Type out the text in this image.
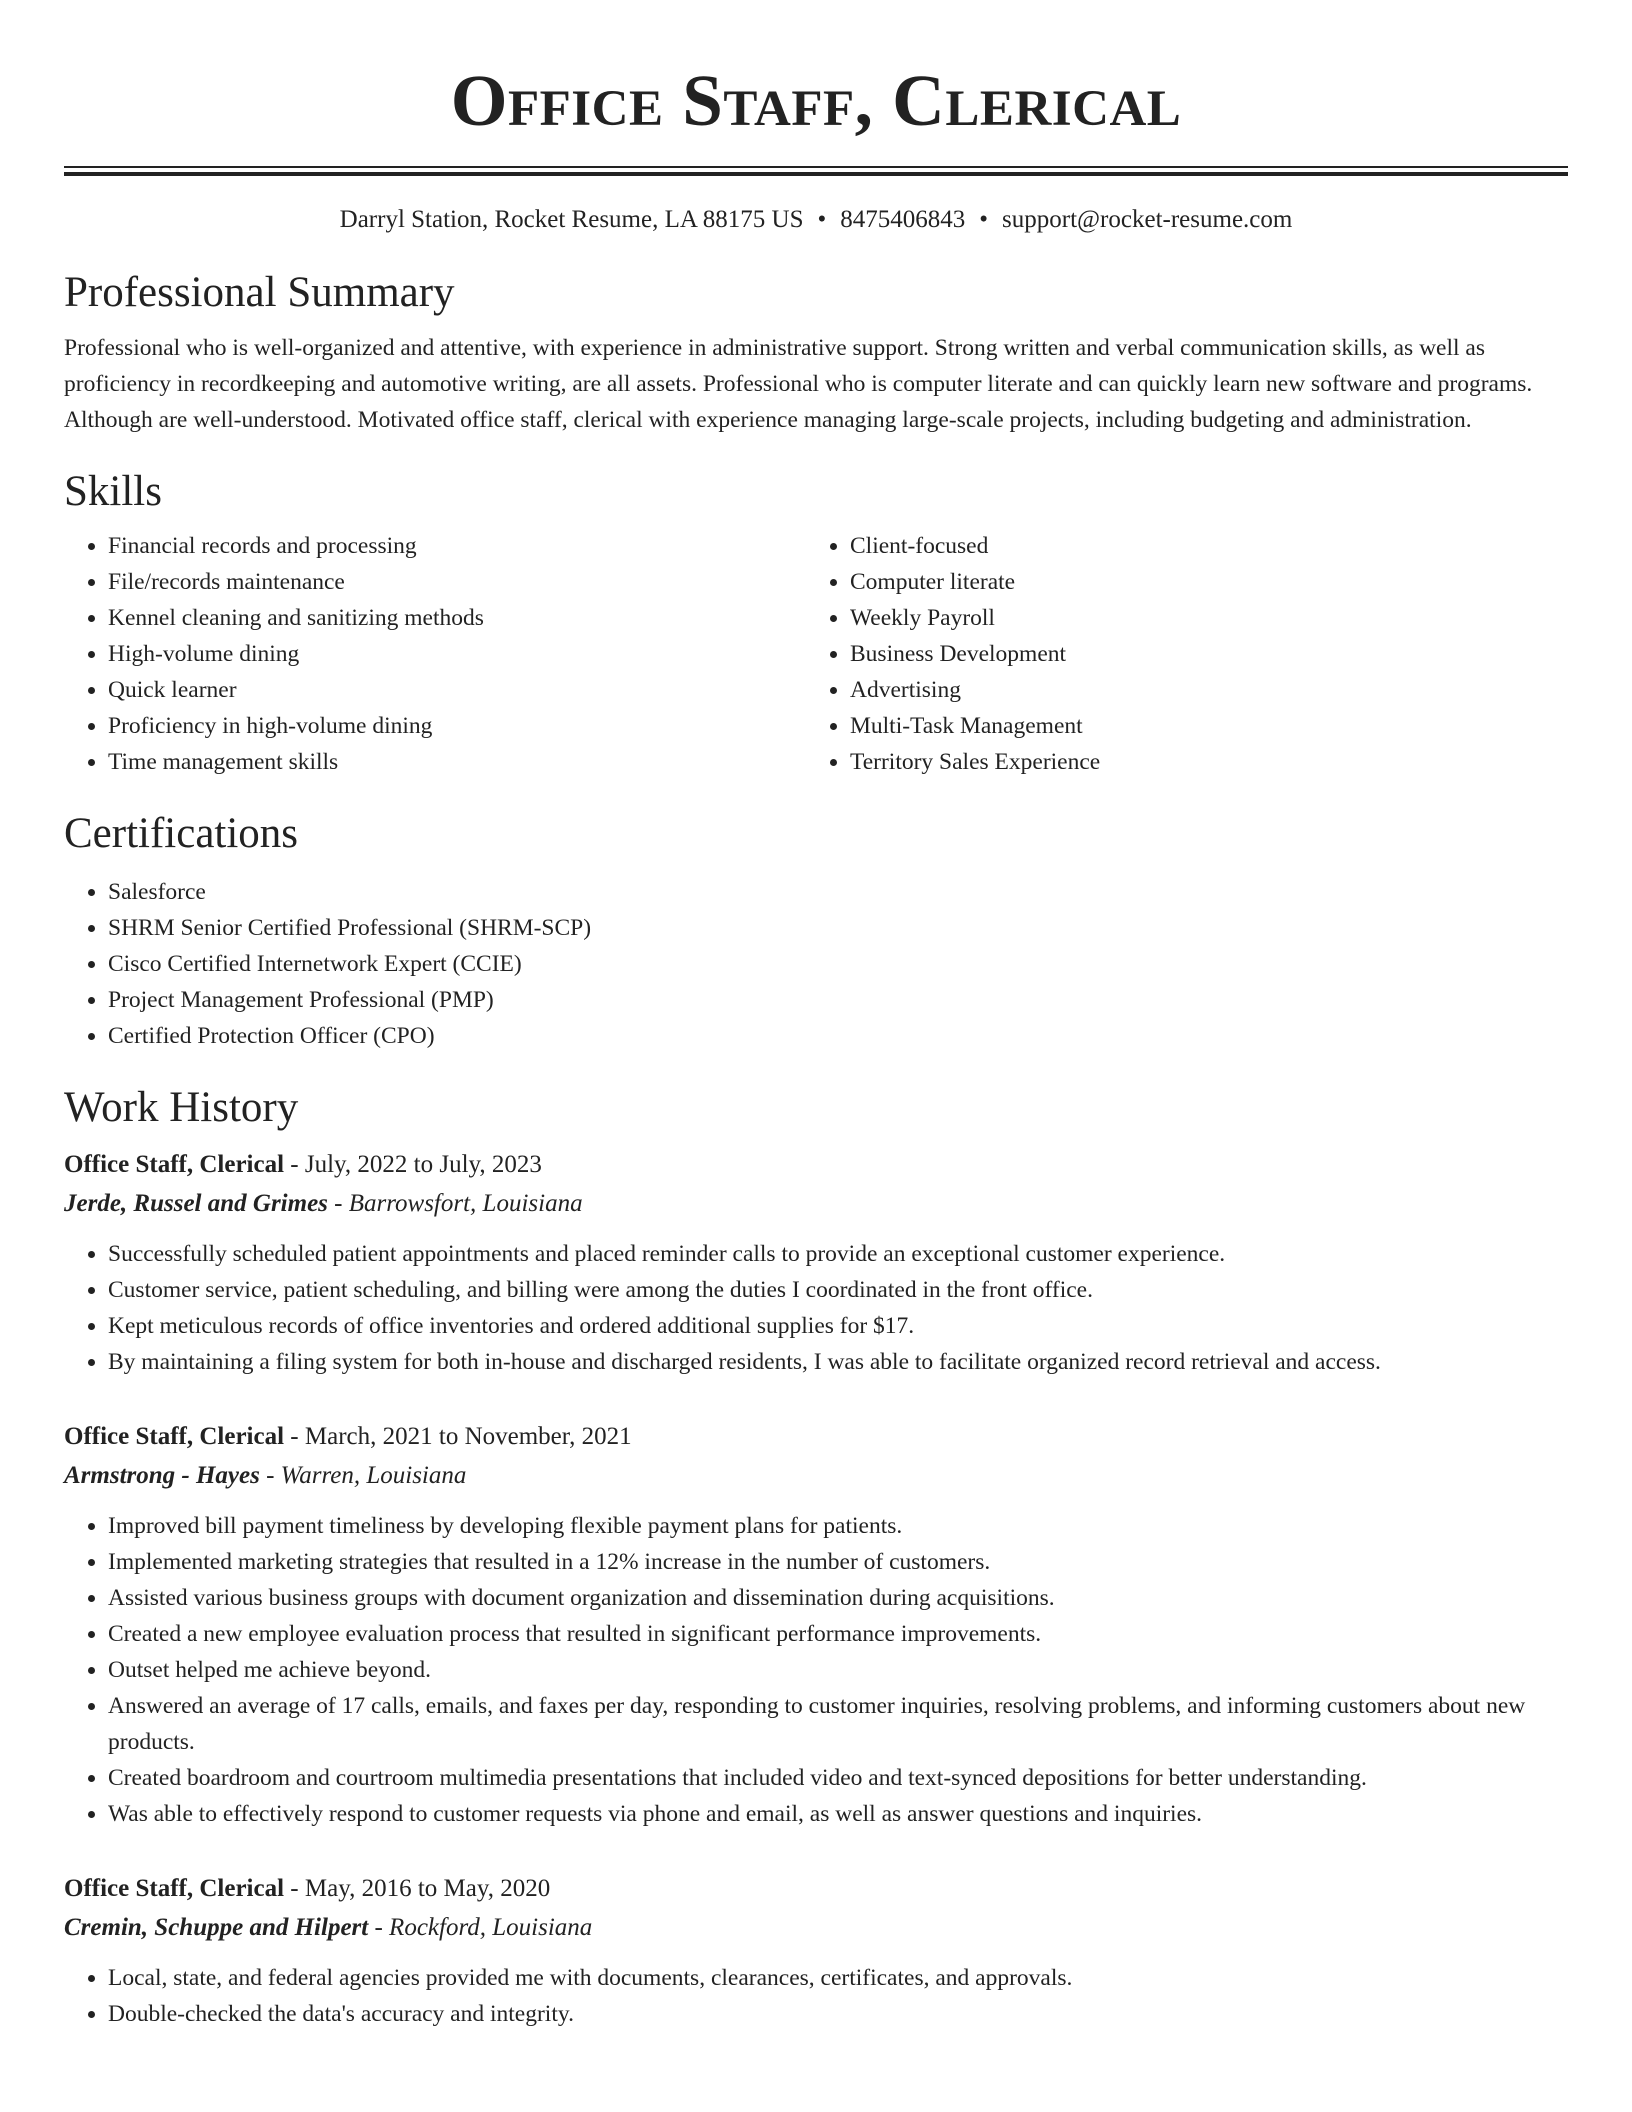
Office Staff, Clerical
Darryl Station, Rocket Resume, LA 88175 US • 8475406843 • support@rocket-resume.com
Professional Summary

Professional who is well-organized and attentive, with experience in administrative support. Strong written and verbal communication skills, as well as proficiency in recordkeeping and automotive writing, are all assets. Professional who is computer literate and can quickly learn new software and programs. Although are well-understood. Motivated office staff, clerical with experience managing large-scale projects, including budgeting and administration.

Skills
• Financial records and processing
• File/records maintenance
• Kennel cleaning and sanitizing methods
• High-volume dining
• Quick learner
• Proficiency in high-volume dining
• Time management skills
• Client-focused
• Computer literate
• Weekly Payroll
• Business Development
• Advertising
• Multi-Task Management
• Territory Sales Experience
Certifications
• Salesforce
• SHRM Senior Certified Professional (SHRM-SCP)
• Cisco Certified Internetwork Expert (CCIE)
• Project Management Professional (PMP)
• Certified Protection Officer (CPO)
Work History
Office Staff, Clerical - July, 2022 to July, 2023
Jerde, Russel and Grimes - Barrowsfort, Louisiana
• Successfully scheduled patient appointments and placed reminder calls to provide an exceptional customer experience.
• Customer service, patient scheduling, and billing were among the duties I coordinated in the front office.
• Kept meticulous records of office inventories and ordered additional supplies for $17.
• By maintaining a filing system for both in-house and discharged residents, I was able to facilitate organized record retrieval and access.
Office Staff, Clerical - March, 2021 to November, 2021
Armstrong - Hayes - Warren, Louisiana
• Improved bill payment timeliness by developing flexible payment plans for patients.
• Implemented marketing strategies that resulted in a 12% increase in the number of customers.
• Assisted various business groups with document organization and dissemination during acquisitions.
• Created a new employee evaluation process that resulted in significant performance improvements.
• Outset helped me achieve beyond.
• Answered an average of 17 calls, emails, and faxes per day, responding to customer inquiries, resolving problems, and informing customers about new products.
• Created boardroom and courtroom multimedia presentations that included video and text-synced depositions for better understanding.
• Was able to effectively respond to customer requests via phone and email, as well as answer questions and inquiries.
Office Staff, Clerical - May, 2016 to May, 2020
Cremin, Schuppe and Hilpert - Rockford, Louisiana
• Local, state, and federal agencies provided me with documents, clearances, certificates, and approvals.
• Double-checked the data's accuracy and integrity.
